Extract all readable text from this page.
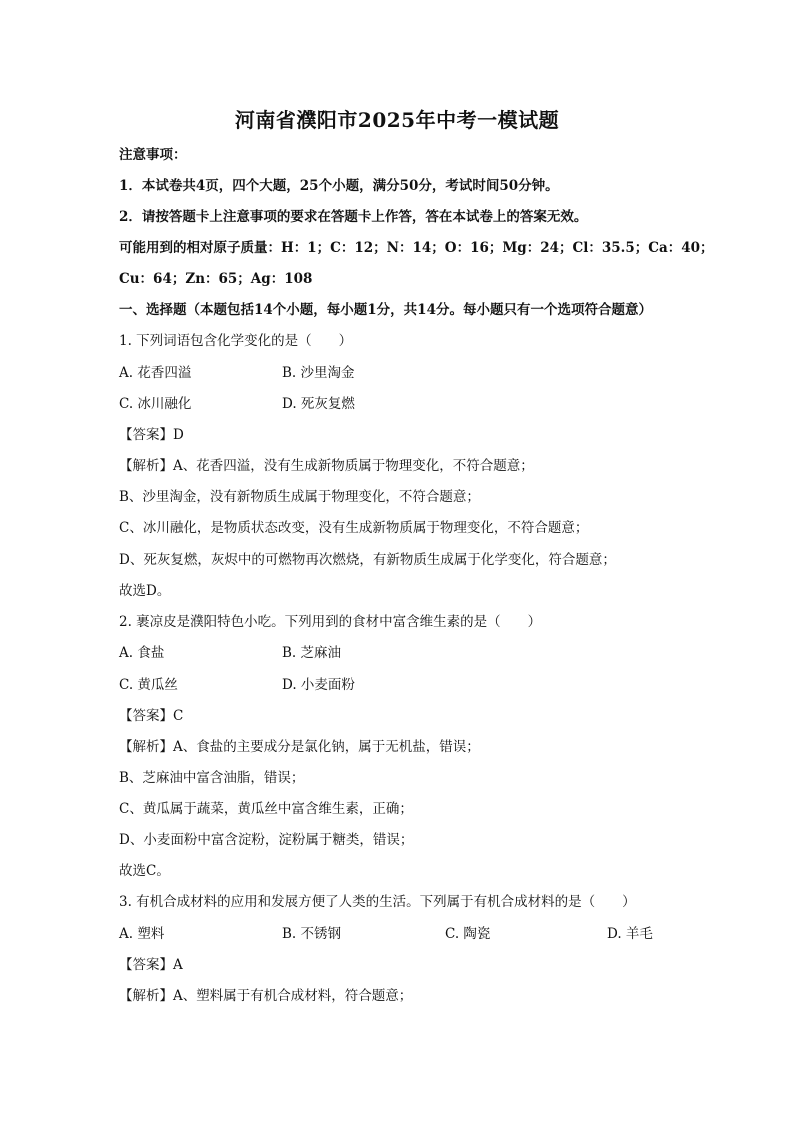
河南省濮阳市2025年中考一模试题
注意事项：
1．本试卷共4页，四个大题，25个小题，满分50分，考试时间50分钟。
2．请按答题卡上注意事项的要求在答题卡上作答，答在本试卷上的答案无效。
可能用到的相对原子质量：H：1；C：12；N：14；O：16；Mg：24；Cl：35.5；Ca：40；
Cu：64；Zn：65；Ag：108
一、选择题（本题包括14个小题，每小题1分，共14分。每小题只有一个选项符合题意）
1. 下列词语包含化学变化的是（　　）
A. 花香四溢	B. 沙里淘金
C. 冰川融化	D. 死灰复燃
【答案】D
【解析】A、花香四溢，没有生成新物质属于物理变化，不符合题意；
B、沙里淘金，没有新物质生成属于物理变化，不符合题意；
C、冰川融化，是物质状态改变，没有生成新物质属于物理变化，不符合题意；
D、死灰复燃，灰烬中的可燃物再次燃烧，有新物质生成属于化学变化，符合题意；
故选D。
2. 裹凉皮是濮阳特色小吃。下列用到的食材中富含维生素的是（　　）
A. 食盐	B. 芝麻油
C. 黄瓜丝	D. 小麦面粉
【答案】C
【解析】A、食盐的主要成分是氯化钠，属于无机盐，错误；
B、芝麻油中富含油脂，错误；
C、黄瓜属于蔬菜，黄瓜丝中富含维生素，正确；
D、小麦面粉中富含淀粉，淀粉属于糖类，错误；
故选C。
3. 有机合成材料的应用和发展方便了人类的生活。下列属于有机合成材料的是（　　）
A. 塑料	B. 不锈钢	C. 陶瓷	D. 羊毛
【答案】A
【解析】A、塑料属于有机合成材料，符合题意；
